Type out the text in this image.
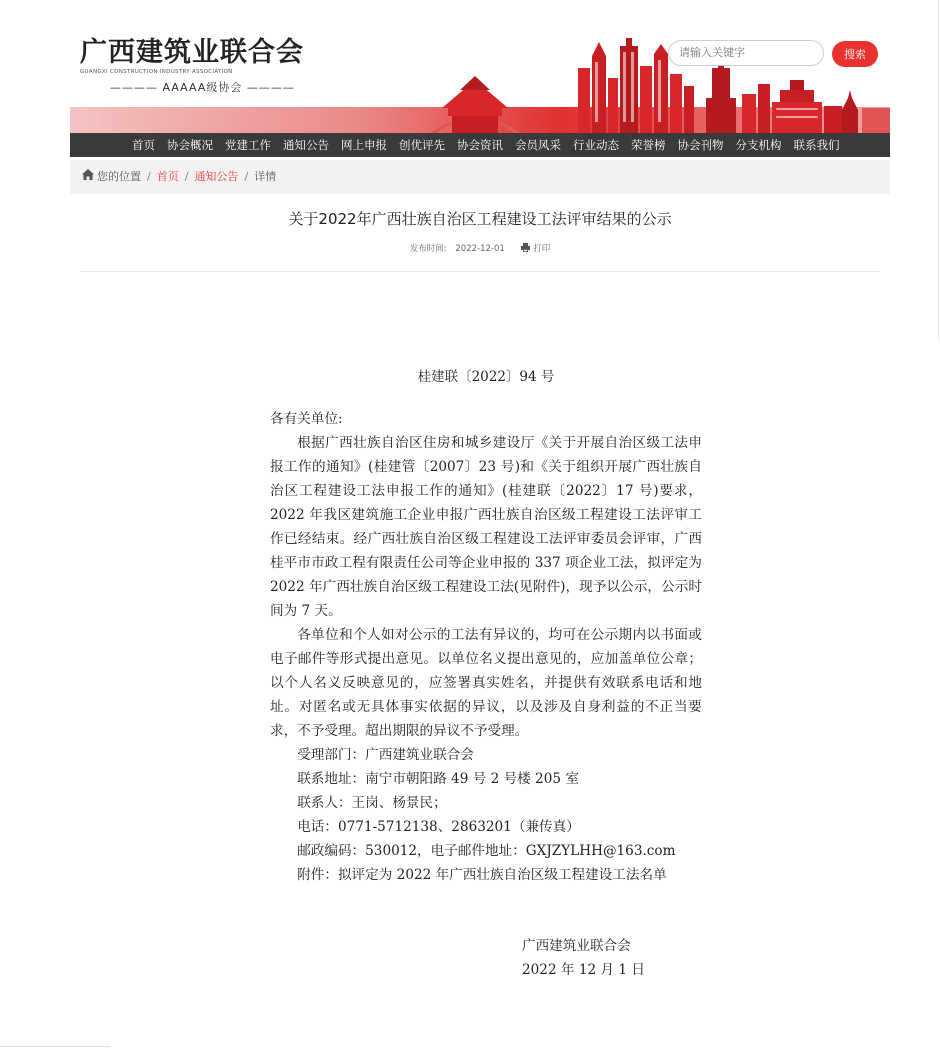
广西建筑业联合会
GUANGXI CONSTRUCTION INDUSTRY ASSOCIATION
———— AAAAA级协会 ————
请输入关键字
搜索
首页	协会概况	党建工作	通知公告	网上申报	创优评先	协会资讯	会员风采	行业动态	荣誉榜	协会刊物	分支机构	联系我们
您的位置 / 首页 / 通知公告 / 详情
关于2022年广西壮族自治区工程建设工法评审结果的公示
发布时间: 2022-12-01	打印
桂建联〔2022〕94 号

各有关单位:

根据广西壮族自治区住房和城乡建设厅《关于开展自治区级工法申报工作的通知》(桂建管〔2007〕23 号)和《关于组织开展广西壮族自治区工程建设工法申报工作的通知》(桂建联〔2022〕17 号)要求，2022 年我区建筑施工企业申报广西壮族自治区级工程建设工法评审工作已经结束。经广西壮族自治区级工程建设工法评审委员会评审，广西桂平市市政工程有限责任公司等企业申报的 337 项企业工法，拟评定为 2022 年广西壮族自治区级工程建设工法(见附件)，现予以公示，公示时间为 7 天。

各单位和个人如对公示的工法有异议的，均可在公示期内以书面或电子邮件等形式提出意见。以单位名义提出意见的，应加盖单位公章；以个人名义反映意见的，应签署真实姓名，并提供有效联系电话和地址。对匿名或无具体事实依据的异议，以及涉及自身利益的不正当要求，不予受理。超出期限的异议不予受理。

受理部门：广西建筑业联合会

联系地址：南宁市朝阳路 49 号 2 号楼 205 室

联系人：王岗、杨景民；

电话：0771-5712138、2863201（兼传真）

邮政编码：530012，电子邮件地址：GXJZYLHH@163.com

附件：拟评定为 2022 年广西壮族自治区级工程建设工法名单

广西建筑业联合会
2022 年 12 月 1 日
